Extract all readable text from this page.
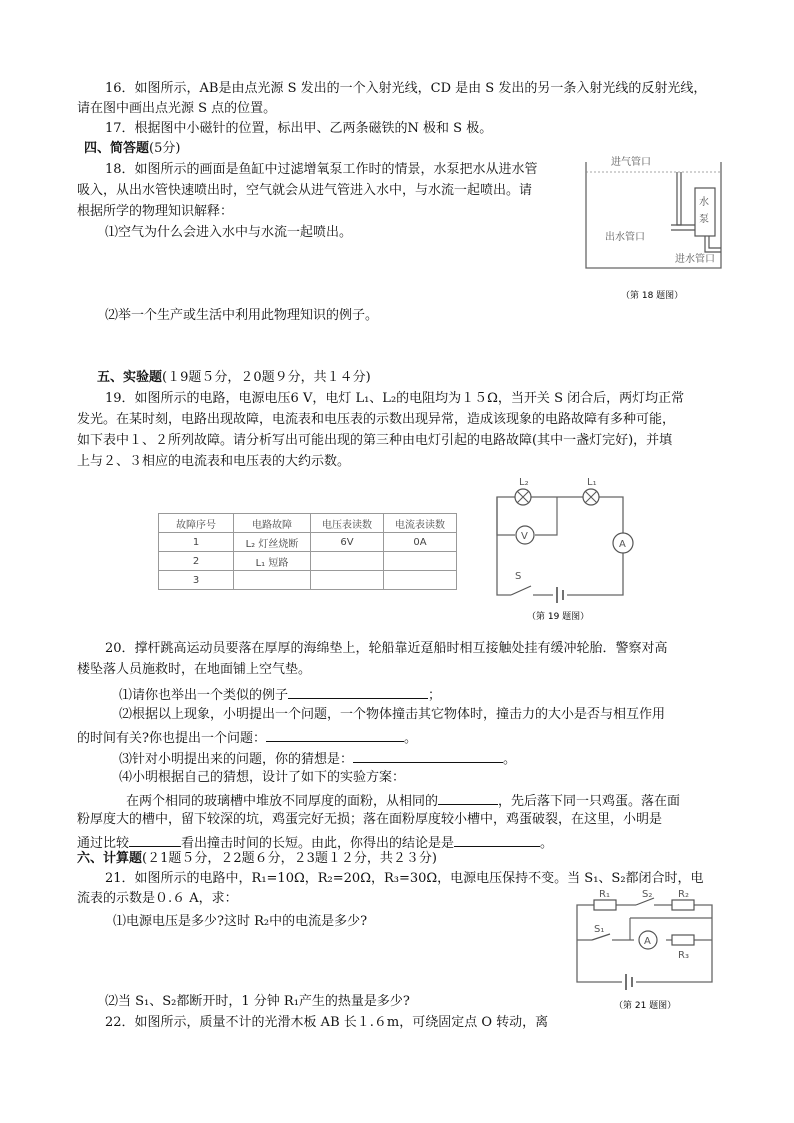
16．如图所示，AB是由点光源 S 发出的一个入射光线，CD 是由 S 发出的另一条入射光线的反射光线，
请在图中画出点光源 S 点的位置。
17．根据图中小磁针的位置，标出甲、乙两条磁铁的N 极和 S 极。
四、简答题(5分)
18．如图所示的画面是鱼缸中过滤增氧泵工作时的情景，水泵把水从进水管
吸入，从出水管快速喷出时，空气就会从进气管进入水中，与水流一起喷出。请
根据所学的物理知识解释：
⑴空气为什么会进入水中与水流一起喷出。
⑵举一个生产或生活中利用此物理知识的例子。
进气管口
水
泵
出水管口
进水管口
（第 18 题图）
五、实验题(１9题５分，２0题９分，共１４分)
19．如图所示的电路，电源电压6 V，电灯 L₁、L₂的电阻均为１５Ω，当开关 S 闭合后，两灯均正常
发光。在某时刻，电路出现故障，电流表和电压表的示数出现异常，造成该现象的电路故障有多种可能，
如下表中１、２所列故障。请分析写出可能出现的第三种由电灯引起的电路故障(其中一盏灯完好)，并填
上与２、３相应的电流表和电压表的大约示数。
故障序号	电路故障	电压表读数	电流表读数
1	L₂ 灯丝烧断	6V	0A
2	L₁ 短路		
3			
L₂	L₁
V
A
S
（第 19 题图）
20．撑杆跳高运动员要落在厚厚的海绵垫上，轮船靠近趸船时相互接触处挂有缓冲轮胎．警察对高
楼坠落人员施救时，在地面铺上空气垫。
⑴请你也举出一个类似的例子	；
⑵根据以上现象，小明提出一个问题，一个物体撞击其它物体时，撞击力的大小是否与相互作用
的时间有关?你也提出一个问题：	。
⑶针对小明提出来的问题，你的猜想是：	。
⑷小明根据自己的猜想，设计了如下的实验方案：
在两个相同的玻璃槽中堆放不同厚度的面粉，从相同的	，先后落下同一只鸡蛋。落在面
粉厚度大的槽中，留下较深的坑，鸡蛋完好无损；落在面粉厚度较小槽中，鸡蛋破裂，在这里，小明是
通过比较	看出撞击时间的长短。由此，你得出的结论是是	。
六、计算题(２1题５分，２2题６分，２3题１２分，共２３分)
21．如图所示的电路中，R₁=10Ω，R₂=20Ω，R₃=30Ω，电源电压保持不变。当 S₁、S₂都闭合时，电
流表的示数是０.６ A，求：
⑴电源电压是多少?这时 R₂中的电流是多少?
⑵当 S₁、S₂都断开时，1 分钟 R₁产生的热量是多少?
22．如图所示，质量不计的光滑木板 AB 长１.６m，可绕固定点 O 转动，离
R₁	S₂	R₂
S₁
A
R₃
（第 21 题图）
